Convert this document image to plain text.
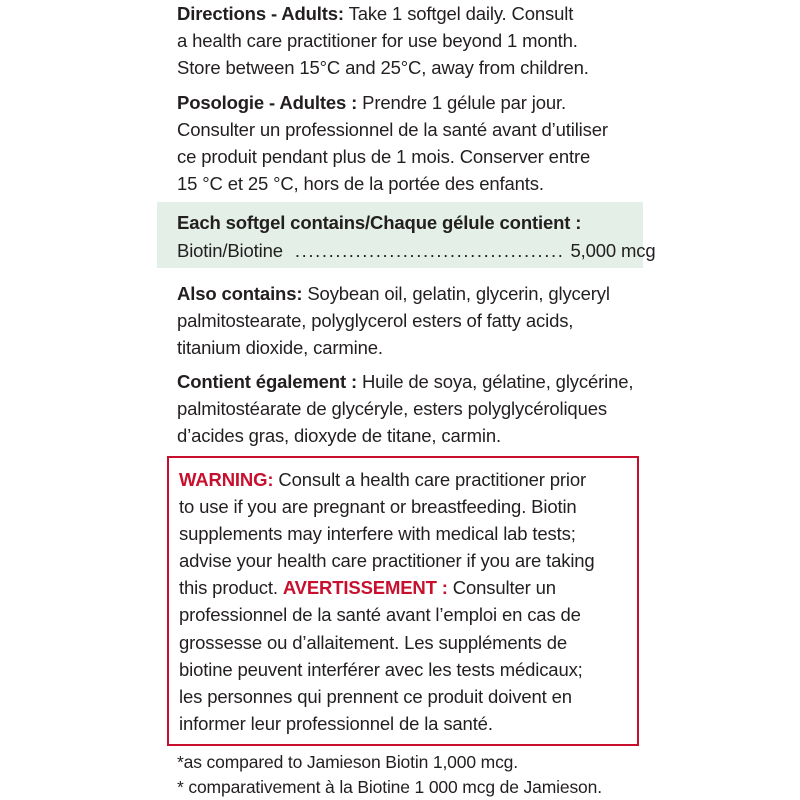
Directions - Adults: Take 1 softgel daily. Consult
a health care practitioner for use beyond 1 month.
Store between 15°C and 25°C, away from children.
Posologie - Adultes : Prendre 1 gélule par jour.
Consulter un professionnel de la santé avant d’utiliser
ce produit pendant plus de 1 mois. Conserver entre
15 °C et 25 °C, hors de la portée des enfants.
Each softgel contains/Chaque gélule contient :
Biotin/Biotine ........................................ 5,000 mcg
Also contains: Soybean oil, gelatin, glycerin, glyceryl
palmitostearate, polyglycerol esters of fatty acids,
titanium dioxide, carmine.
Contient également : Huile de soya, gélatine, glycérine,
palmitostéarate de glycéryle, esters polyglycéroliques
d’acides gras, dioxyde de titane, carmin.
WARNING: Consult a health care practitioner prior
to use if you are pregnant or breastfeeding. Biotin
supplements may interfere with medical lab tests;
advise your health care practitioner if you are taking
this product. AVERTISSEMENT : Consulter un
professionnel de la santé avant l’emploi en cas de
grossesse ou d’allaitement. Les suppléments de
biotine peuvent interférer avec les tests médicaux;
les personnes qui prennent ce produit doivent en
informer leur professionnel de la santé.
*as compared to Jamieson Biotin 1,000 mcg.
* comparativement à la Biotine 1 000 mcg de Jamieson.
